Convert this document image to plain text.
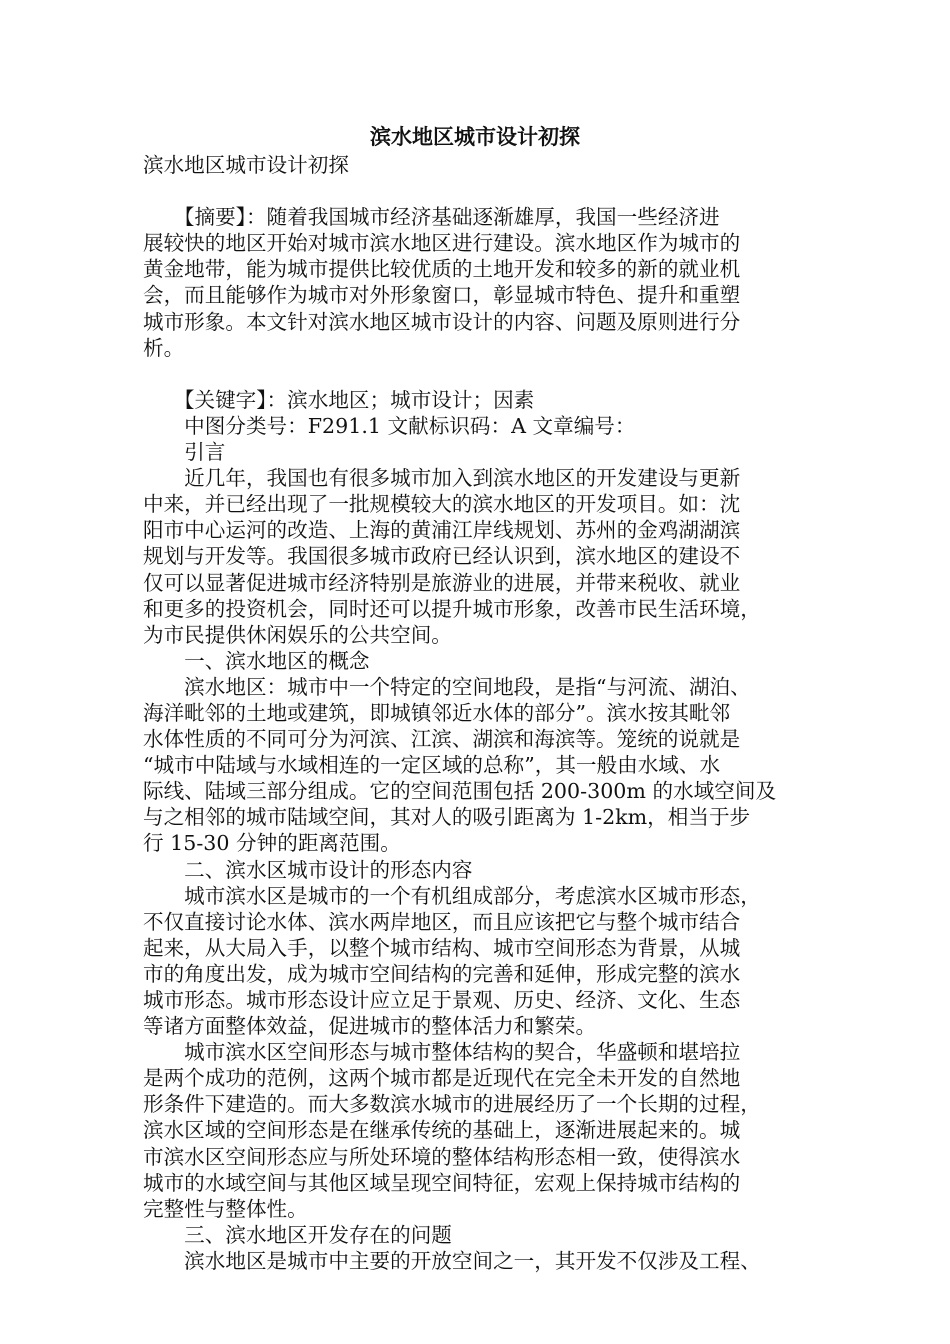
滨水地区城市设计初探
滨水地区城市设计初探
　　【摘要】：随着我国城市经济基础逐渐雄厚，我国一些经济进
展较快的地区开始对城市滨水地区进行建设。滨水地区作为城市的
黄金地带，能为城市提供比较优质的土地开发和较多的新的就业机
会，而且能够作为城市对外形象窗口，彰显城市特色、提升和重塑
城市形象。本文针对滨水地区城市设计的内容、问题及原则进行分
析。
　　【关键字】：滨水地区；城市设计；因素
　　中图分类号：F291.1 文献标识码：A 文章编号：
　　引言
　　近几年，我国也有很多城市加入到滨水地区的开发建设与更新
中来，并已经出现了一批规模较大的滨水地区的开发项目。如：沈
阳市中心运河的改造、上海的黄浦江岸线规划、苏州的金鸡湖湖滨
规划与开发等。我国很多城市政府已经认识到，滨水地区的建设不
仅可以显著促进城市经济特别是旅游业的进展，并带来税收、就业
和更多的投资机会，同时还可以提升城市形象，改善市民生活环境，
为市民提供休闲娱乐的公共空间。
　　一、滨水地区的概念
　　滨水地区：城市中一个特定的空间地段，是指“与河流、湖泊、
海洋毗邻的土地或建筑，即城镇邻近水体的部分”。滨水按其毗邻
水体性质的不同可分为河滨、江滨、湖滨和海滨等。笼统的说就是
“城市中陆域与水域相连的一定区域的总称”，其一般由水域、水
际线、陆域三部分组成。它的空间范围包括 200-300m 的水域空间及
与之相邻的城市陆域空间，其对人的吸引距离为 1-2km，相当于步
行 15-30 分钟的距离范围。
　　二、滨水区城市设计的形态内容
　　城市滨水区是城市的一个有机组成部分，考虑滨水区城市形态，
不仅直接讨论水体、滨水两岸地区，而且应该把它与整个城市结合
起来，从大局入手，以整个城市结构、城市空间形态为背景，从城
市的角度出发，成为城市空间结构的完善和延伸，形成完整的滨水
城市形态。城市形态设计应立足于景观、历史、经济、文化、生态
等诸方面整体效益，促进城市的整体活力和繁荣。
　　城市滨水区空间形态与城市整体结构的契合，华盛顿和堪培拉
是两个成功的范例，这两个城市都是近现代在完全未开发的自然地
形条件下建造的。而大多数滨水城市的进展经历了一个长期的过程，
滨水区域的空间形态是在继承传统的基础上，逐渐进展起来的。城
市滨水区空间形态应与所处环境的整体结构形态相一致，使得滨水
城市的水域空间与其他区域呈现空间特征，宏观上保持城市结构的
完整性与整体性。
　　三、滨水地区开发存在的问题
　　滨水地区是城市中主要的开放空间之一，其开发不仅涉及工程、
